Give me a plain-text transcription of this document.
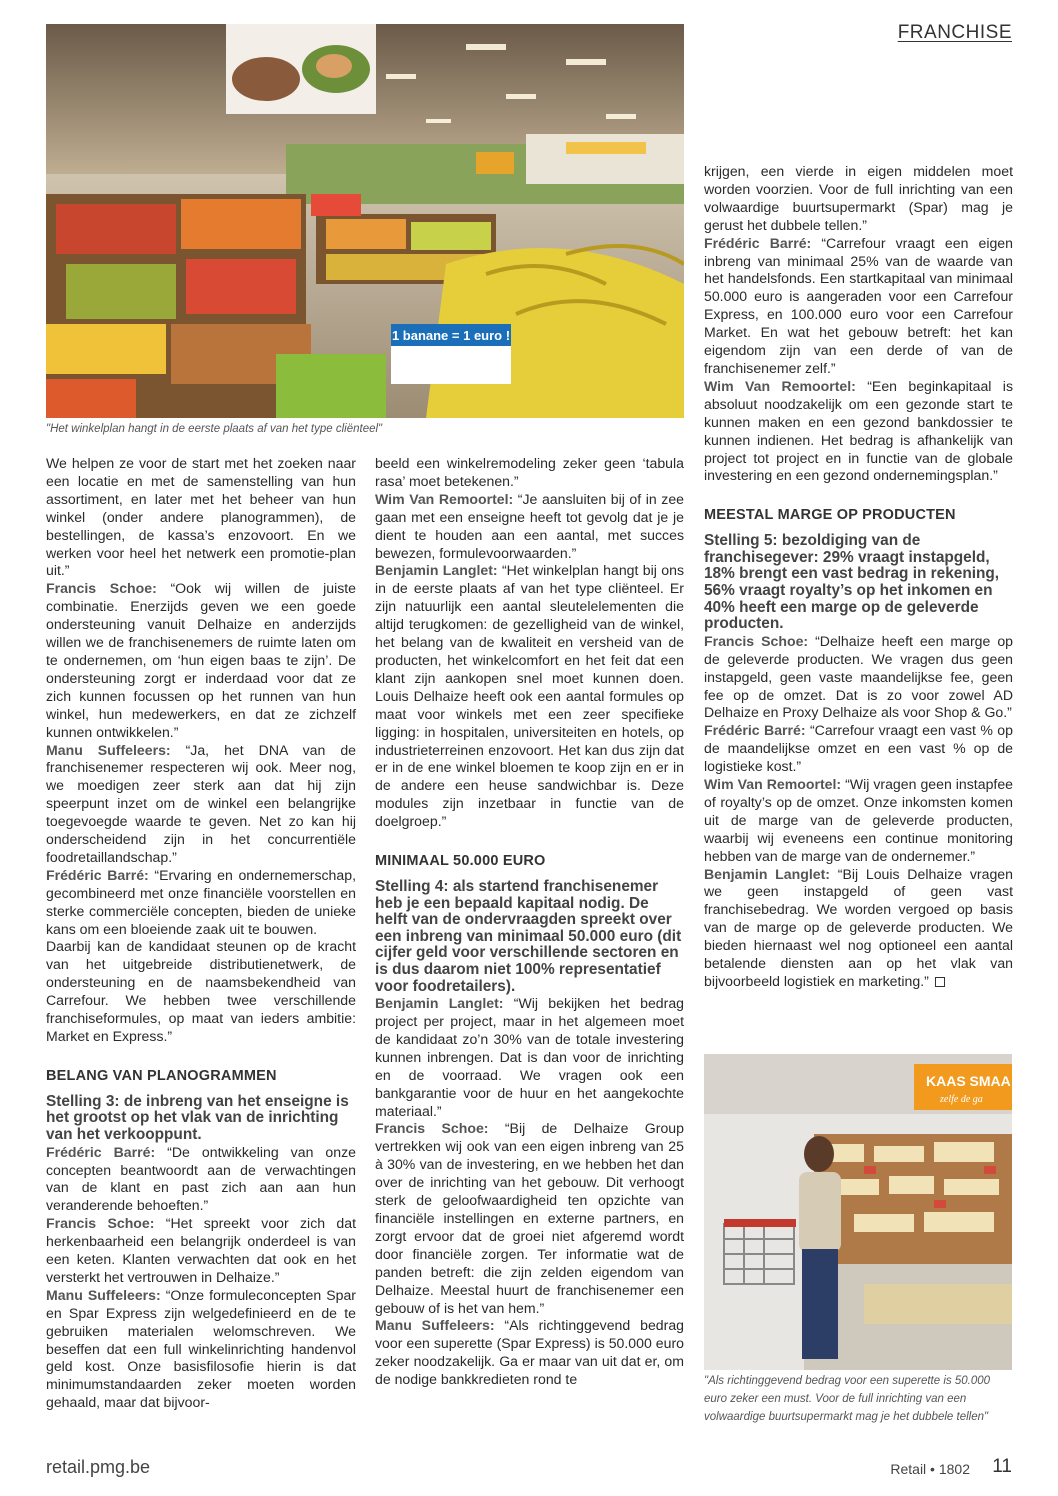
FRANCHISE
1 banane = 1 euro !
"Het winkelplan hangt in de eerste plaats af van het type cliënteel"

We helpen ze voor de start met het zoeken naar een locatie en met de samenstelling van hun assortiment, en later met het beheer van hun winkel (onder andere planogrammen), de bestellingen, de kassa’s enzovoort. En we werken voor heel het netwerk een promotie-plan uit.”

Francis Schoe: “Ook wij willen de juiste combinatie. Enerzijds geven we een goede ondersteuning vanuit Delhaize en anderzijds willen we de franchisenemers de ruimte laten om te ondernemen, om ‘hun eigen baas te zijn’. De ondersteuning zorgt er inderdaad voor dat ze zich kunnen focussen op het runnen van hun winkel, hun medewerkers, en dat ze zichzelf kunnen ontwikkelen.”

Manu Suffeleers: “Ja, het DNA van de franchisenemer respecteren wij ook. Meer nog, we moedigen zeer sterk aan dat hij zijn speerpunt inzet om de winkel een belangrijke toegevoegde waarde te geven. Net zo kan hij onderscheidend zijn in het concurrentiële foodretaillandschap.”

Frédéric Barré: “Ervaring en ondernemerschap, gecombineerd met onze financiële voorstellen en sterke commerciële concepten, bieden de unieke kans om een bloeiende zaak uit te bouwen.

Daarbij kan de kandidaat steunen op de kracht van het uitgebreide distributienetwerk, de ondersteuning en de naamsbekendheid van Carrefour. We hebben twee verschillende franchiseformules, op maat van ieders ambitie: Market en Express.”

BELANG VAN PLANOGRAMMEN

Stelling 3: de inbreng van het enseigne is het grootst op het vlak van de inrichting van het verkooppunt.

Frédéric Barré: “De ontwikkeling van onze concepten beantwoordt aan de verwachtingen van de klant en past zich aan aan hun veranderende behoeften.”

Francis Schoe: “Het spreekt voor zich dat herkenbaarheid een belangrijk onderdeel is van een keten. Klanten verwachten dat ook en het versterkt het vertrouwen in Delhaize.”

Manu Suffeleers: “Onze formuleconcepten Spar en Spar Express zijn welgedefinieerd en de te gebruiken materialen welomschreven. We beseffen dat een full winkelinrichting handenvol geld kost. Onze basisfilosofie hierin is dat minimumstandaarden zeker moeten worden gehaald, maar dat bijvoor-

beeld een winkelremodeling zeker geen ‘tabula rasa’ moet betekenen.”

Wim Van Remoortel: “Je aansluiten bij of in zee gaan met een enseigne heeft tot gevolg dat je je dient te houden aan een aantal, met succes bewezen, formulevoorwaarden.”

Benjamin Langlet: “Het winkelplan hangt bij ons in de eerste plaats af van het type cliënteel. Er zijn natuurlijk een aantal sleutelelementen die altijd terugkomen: de gezelligheid van de winkel, het belang van de kwaliteit en versheid van de producten, het winkelcomfort en het feit dat een klant zijn aankopen snel moet kunnen doen. Louis Delhaize heeft ook een aantal formules op maat voor winkels met een zeer specifieke ligging: in hospitalen, universiteiten en hotels, op industrieterreinen enzovoort. Het kan dus zijn dat er in de ene winkel bloemen te koop zijn en er in de andere een heuse sandwichbar is. Deze modules zijn inzetbaar in functie van de doelgroep.”

MINIMAAL 50.000 EURO

Stelling 4: als startend franchisenemer heb je een bepaald kapitaal nodig. De helft van de ondervraagden spreekt over een inbreng van minimaal 50.000 euro (dit cijfer geld voor verschillende sectoren en is dus daarom niet 100% representatief voor foodretailers).

Benjamin Langlet: “Wij bekijken het bedrag project per project, maar in het algemeen moet de kandidaat zo’n 30% van de totale investering kunnen inbrengen. Dat is dan voor de inrichting en de voorraad. We vragen ook een bankgarantie voor de huur en het aangekochte materiaal.”

Francis Schoe: “Bij de Delhaize Group vertrekken wij ook van een eigen inbreng van 25 à 30% van de investering, en we hebben het dan over de inrichting van het gebouw. Dit verhoogt sterk de geloofwaardigheid ten opzichte van financiële instellingen en externe partners, en zorgt ervoor dat de groei niet afgeremd wordt door financiële zorgen. Ter informatie wat de panden betreft: die zijn zelden eigendom van Delhaize. Meestal huurt de franchisenemer een gebouw of is het van hem.”

Manu Suffeleers: “Als richtinggevend bedrag voor een superette (Spar Express) is 50.000 euro zeker noodzakelijk. Ga er maar van uit dat er, om de nodige bankkredieten rond te

krijgen, een vierde in eigen middelen moet worden voorzien. Voor de full inrichting van een volwaardige buurtsupermarkt (Spar) mag je gerust het dubbele tellen.”

Frédéric Barré: “Carrefour vraagt een eigen inbreng van minimaal 25% van de waarde van het handelsfonds. Een startkapitaal van minimaal 50.000 euro is aangeraden voor een Carrefour Express, en 100.000 euro voor een Carrefour Market. En wat het gebouw betreft: het kan eigendom zijn van een derde of van de franchisenemer zelf.”

Wim Van Remoortel: “Een beginkapitaal is absoluut noodzakelijk om een gezonde start te kunnen maken en een gezond bankdossier te kunnen indienen. Het bedrag is afhankelijk van project tot project en in functie van de globale investering en een gezond ondernemingsplan.”

MEESTAL MARGE OP PRODUCTEN

Stelling 5: bezoldiging van de franchisegever: 29% vraagt instapgeld, 18% brengt een vast bedrag in rekening, 56% vraagt royalty’s op het inkomen en 40% heeft een marge op de geleverde producten.

Francis Schoe: “Delhaize heeft een marge op de geleverde producten. We vragen dus geen instapgeld, geen vaste maandelijkse fee, geen fee op de omzet. Dat is zo voor zowel AD Delhaize en Proxy Delhaize als voor Shop & Go.”

Frédéric Barré: “Carrefour vraagt een vast % op de maandelijkse omzet en een vast % op de logistieke kost.”

Wim Van Remoortel: “Wij vragen geen instapfee of royalty’s op de omzet. Onze inkomsten komen uit de marge van de geleverde producten, waarbij wij eveneens een continue monitoring hebben van de marge van de ondernemer.”

Benjamin Langlet: “Bij Louis Delhaize vragen we geen instapgeld of geen vast franchisebedrag. We worden vergoed op basis van de marge op de geleverde producten. We bieden hiernaast wel nog optioneel een aantal betalende diensten aan op het vlak van bijvoorbeeld logistiek en marketing.”

KAAS SMAA
zelfe de ga
"Als richtinggevend bedrag voor een superette is 50.000 euro zeker een must. Voor de full inrichting van een volwaardige buurtsupermarkt mag je het dubbele tellen"
retail.pmg.be	Retail • 1802 11
